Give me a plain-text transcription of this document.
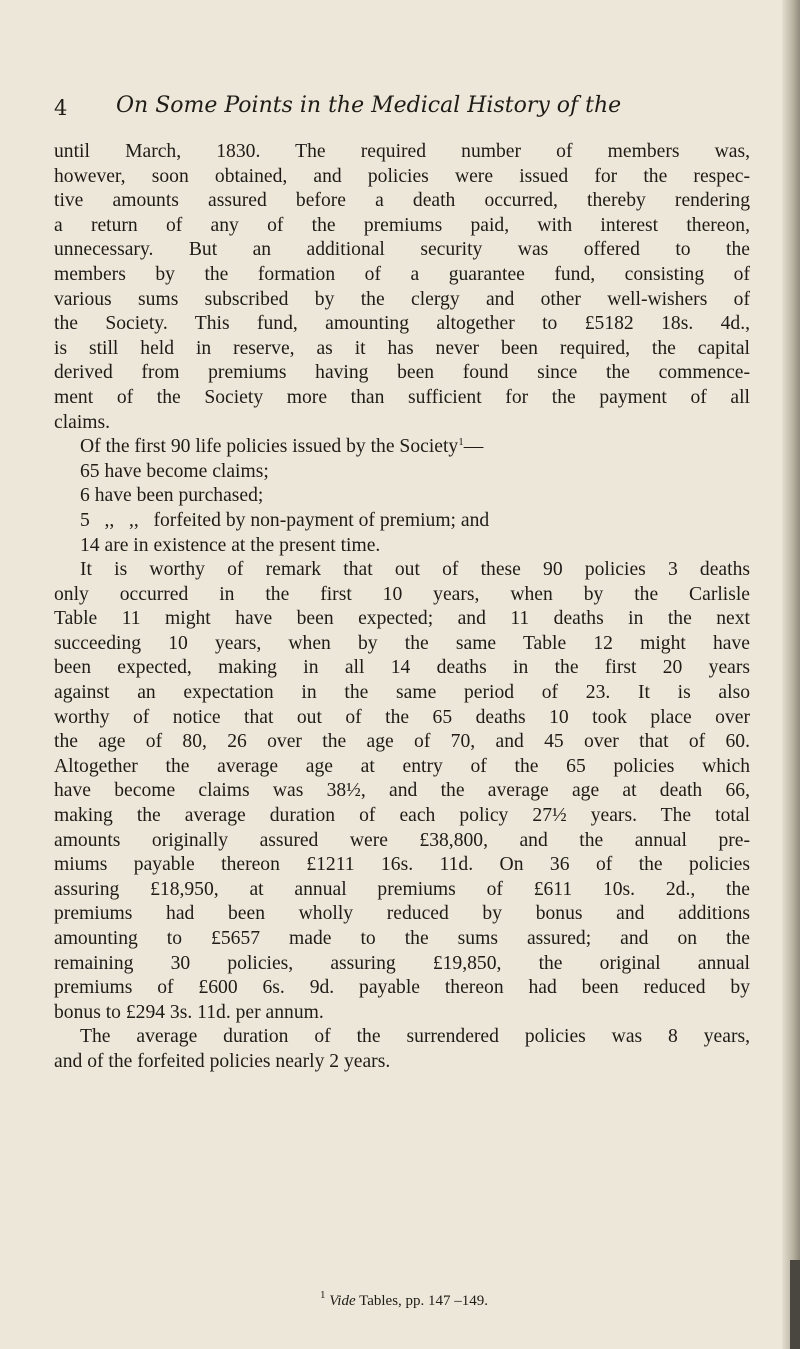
4 On Some Points in the Medical History of the
until March, 1830. The required number of members was,
however, soon obtained, and policies were issued for the respec-
tive amounts assured before a death occurred, thereby rendering
a return of any of the premiums paid, with interest thereon,
unnecessary. But an additional security was offered to the
members by the formation of a guarantee fund, consisting of
various sums subscribed by the clergy and other well-wishers of
the Society. This fund, amounting altogether to £5182 18s. 4d.,
is still held in reserve, as it has never been required, the capital
derived from premiums having been found since the commence-
ment of the Society more than sufficient for the payment of all
claims.
Of the first 90 life policies issued by the Society$^1$—
65 have become claims;
6 have been purchased;
5   ,,   ,,   forfeited by non-payment of premium; and
14 are in existence at the present time.
It is worthy of remark that out of these 90 policies 3 deaths
only occurred in the first 10 years, when by the Carlisle
Table 11 might have been expected; and 11 deaths in the next
succeeding 10 years, when by the same Table 12 might have
been expected, making in all 14 deaths in the first 20 years
against an expectation in the same period of 23. It is also
worthy of notice that out of the 65 deaths 10 took place over
the age of 80, 26 over the age of 70, and 45 over that of 60.
Altogether the average age at entry of the 65 policies which
have become claims was 38½, and the average age at death 66,
making the average duration of each policy 27½ years. The total
amounts originally assured were £38,800, and the annual pre-
miums payable thereon £1211 16s. 11d. On 36 of the policies
assuring £18,950, at annual premiums of £611 10s. 2d., the
premiums had been wholly reduced by bonus and additions
amounting to £5657 made to the sums assured; and on the
remaining 30 policies, assuring £19,850, the original annual
premiums of £600 6s. 9d. payable thereon had been reduced by
bonus to £294 3s. 11d. per annum.
The average duration of the surrendered policies was 8 years,
and of the forfeited policies nearly 2 years.
$^1$ Vide Tables, pp. 147 –149.
